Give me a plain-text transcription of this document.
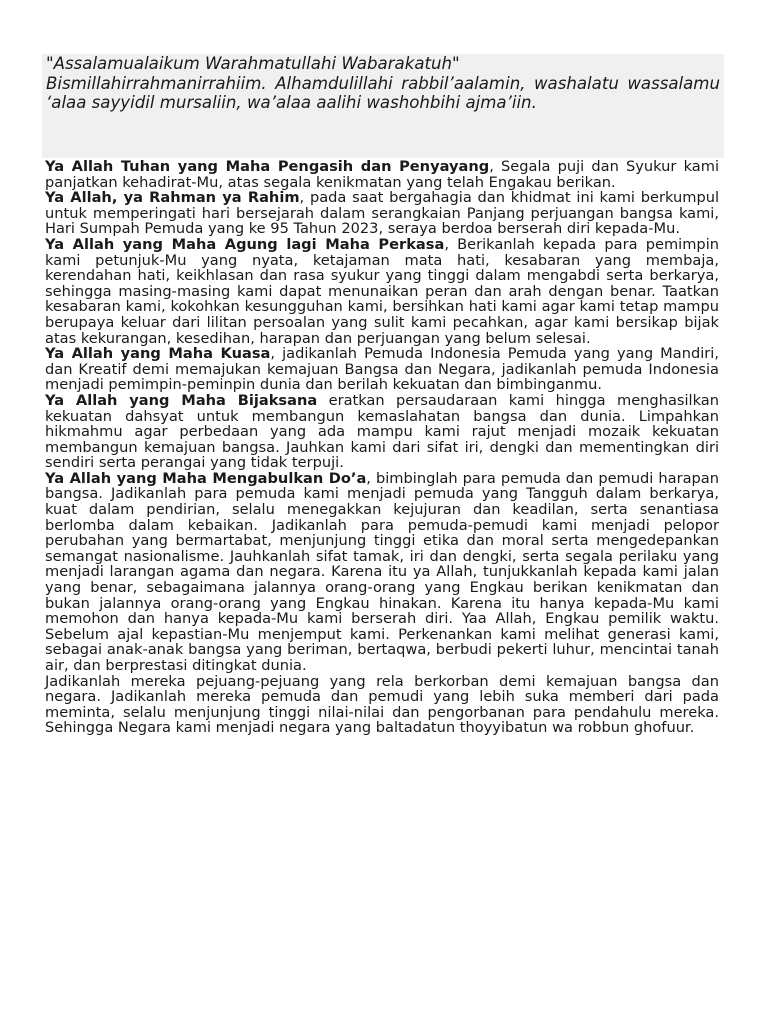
"Assalamualaikum Warahmatullahi Wabarakatuh"

Bismillahirrahmanirrahiim. Alhamdulillahi rabbil’aalamin, washalatu wassalamu ‘alaa sayyidil mursaliin, wa’alaa aalihi washohbihi ajma’iin.

Ya Allah Tuhan yang Maha Pengasih dan Penyayang, Segala puji dan Syukur kami panjatkan kehadirat-Mu, atas segala kenikmatan yang telah Engakau berikan.

Ya Allah, ya Rahman ya Rahim, pada saat bergahagia dan khidmat ini kami berkumpul untuk memperingati hari bersejarah dalam serangkaian Panjang perjuangan bangsa kami, Hari Sumpah Pemuda yang ke 95 Tahun 2023, seraya berdoa berserah diri kepada-Mu.

Ya Allah yang Maha Agung lagi Maha Perkasa, Berikanlah kepada para pemimpin kami petunjuk-Mu yang nyata, ketajaman mata hati, kesabaran yang membaja, kerendahan hati, keikhlasan dan rasa syukur yang tinggi dalam mengabdi serta berkarya, sehingga masing-masing kami dapat menunaikan peran dan arah dengan benar. Taatkan kesabaran kami, kokohkan kesungguhan kami, bersihkan hati kami agar kami tetap mampu berupaya keluar dari lilitan persoalan yang sulit kami pecahkan, agar kami bersikap bijak atas kekurangan, kesedihan, harapan dan perjuangan yang belum selesai.

Ya Allah yang Maha Kuasa, jadikanlah Pemuda Indonesia Pemuda yang yang Mandiri, dan Kreatif demi memajukan kemajuan Bangsa dan Negara, jadikanlah pemuda Indonesia menjadi pemimpin-peminpin dunia dan berilah kekuatan dan bimbinganmu.

Ya Allah yang Maha Bijaksana eratkan persaudaraan kami hingga menghasilkan kekuatan dahsyat untuk membangun kemaslahatan bangsa dan dunia. Limpahkan hikmahmu agar perbedaan yang ada mampu kami rajut menjadi mozaik kekuatan membangun kemajuan bangsa. Jauhkan kami dari sifat iri, dengki dan mementingkan diri sendiri serta perangai yang tidak terpuji.

Ya Allah yang Maha Mengabulkan Do’a, bimbinglah para pemuda dan pemudi harapan bangsa. Jadikanlah para pemuda kami menjadi pemuda yang Tangguh dalam berkarya, kuat dalam pendirian, selalu menegakkan kejujuran dan keadilan, serta senantiasa berlomba dalam kebaikan. Jadikanlah para pemuda-pemudi kami menjadi pelopor perubahan yang bermartabat, menjunjung tinggi etika dan moral serta mengedepankan semangat nasionalisme. Jauhkanlah sifat tamak, iri dan dengki, serta segala perilaku yang menjadi larangan agama dan negara. Karena itu ya Allah, tunjukkanlah kepada kami jalan yang benar, sebagaimana jalannya orang-orang yang Engkau berikan kenikmatan dan bukan jalannya orang-orang yang Engkau hinakan. Karena itu hanya kepada-Mu kami memohon dan hanya kepada-Mu kami berserah diri. Yaa Allah, Engkau pemilik waktu. Sebelum ajal kepastian-Mu menjemput kami. Perkenankan kami melihat generasi kami, sebagai anak-anak bangsa yang beriman, bertaqwa, berbudi pekerti luhur, mencintai tanah air, dan berprestasi ditingkat dunia.

Jadikanlah mereka pejuang-pejuang yang rela berkorban demi kemajuan bangsa dan negara. Jadikanlah mereka pemuda dan pemudi yang lebih suka memberi dari pada meminta, selalu menjunjung tinggi nilai-nilai dan pengorbanan para pendahulu mereka. Sehingga Negara kami menjadi negara yang baltadatun thoyyibatun wa robbun ghofuur.
